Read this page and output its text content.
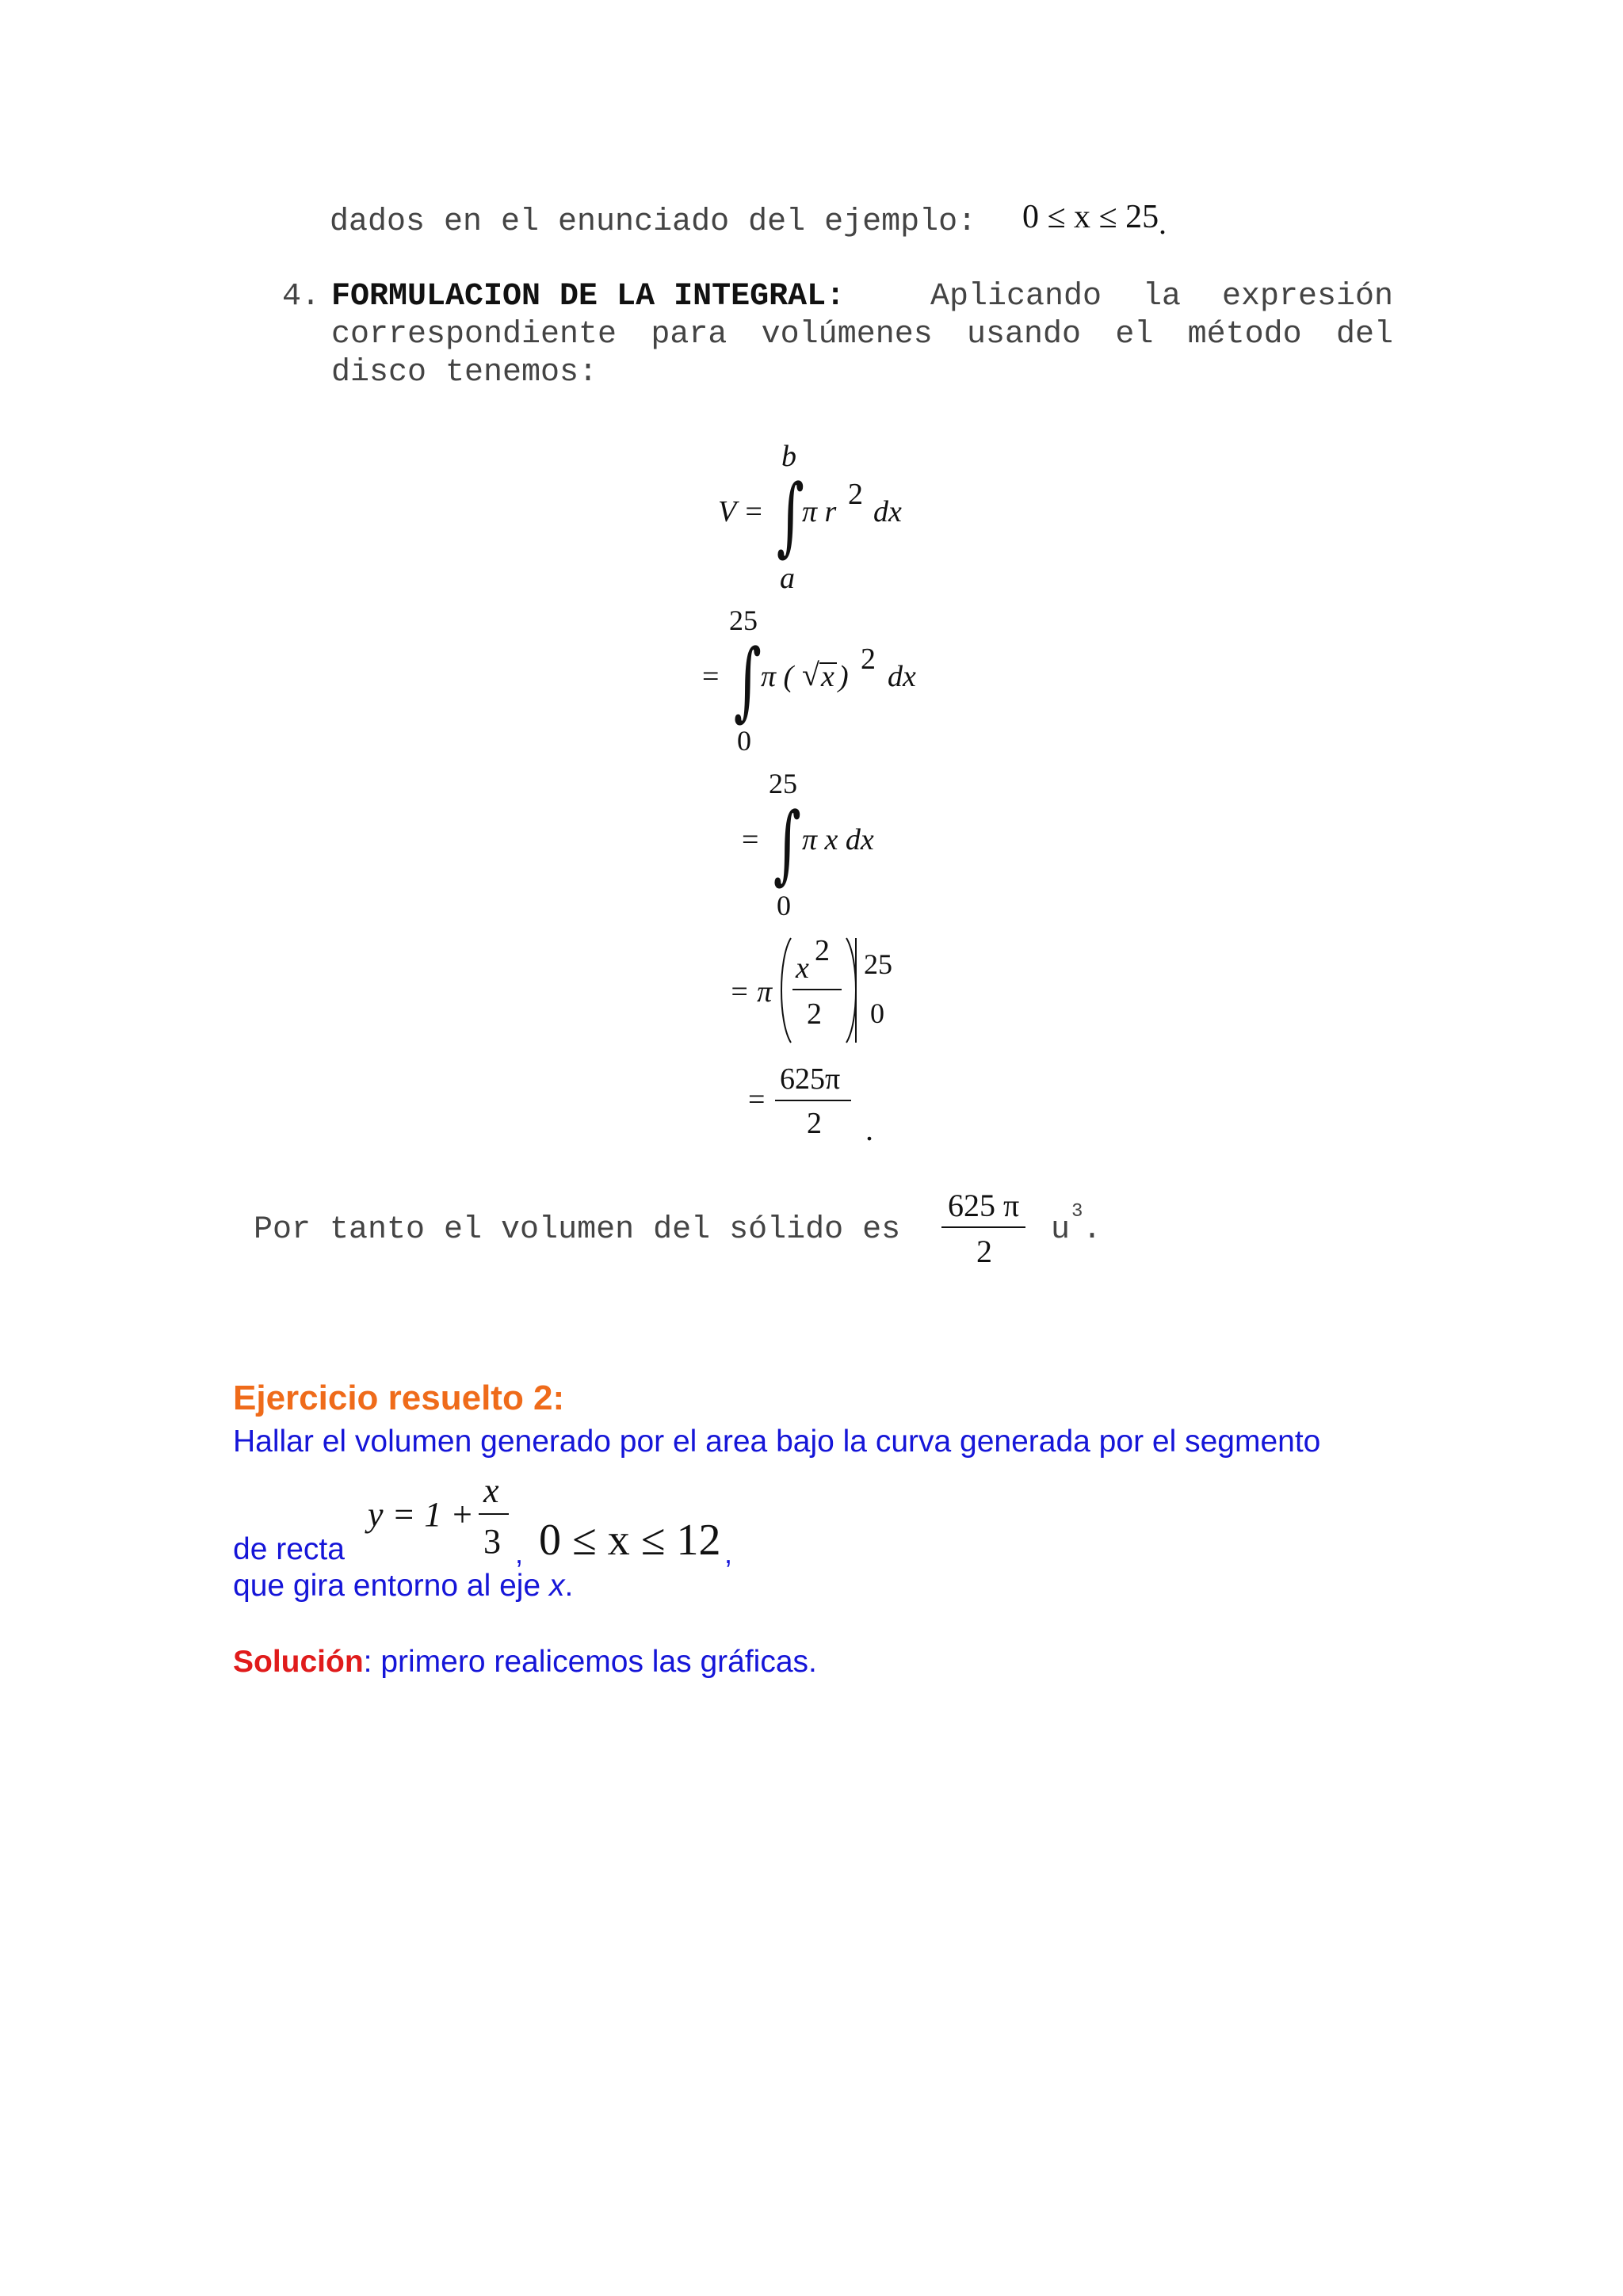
dados en el enunciado del ejemplo: 0 ≤ x ≤ 25 .
4. FORMULACION DE LA INTEGRAL:	Aplicando la expresión
correspondiente para volúmenes usando el método del
disco tenemos:
b
V = ∫
π r
2
dx
a
25
= ∫ π ( √ x )
2
dx
0
25
= ∫ π x dx
0
= π
x
2
2
25
0
625π
=
2 .
Por tanto el volumen del sólido es
625 π
2
u
3
.
Ejercicio resuelto 2:
Hallar el volumen generado por el area bajo la curva generada por el segmento
de recta
y = 1 +
x
3 , 0 ≤ x ≤ 12 ,
que gira entorno al eje x.
Solución: primero realicemos las gráficas.
